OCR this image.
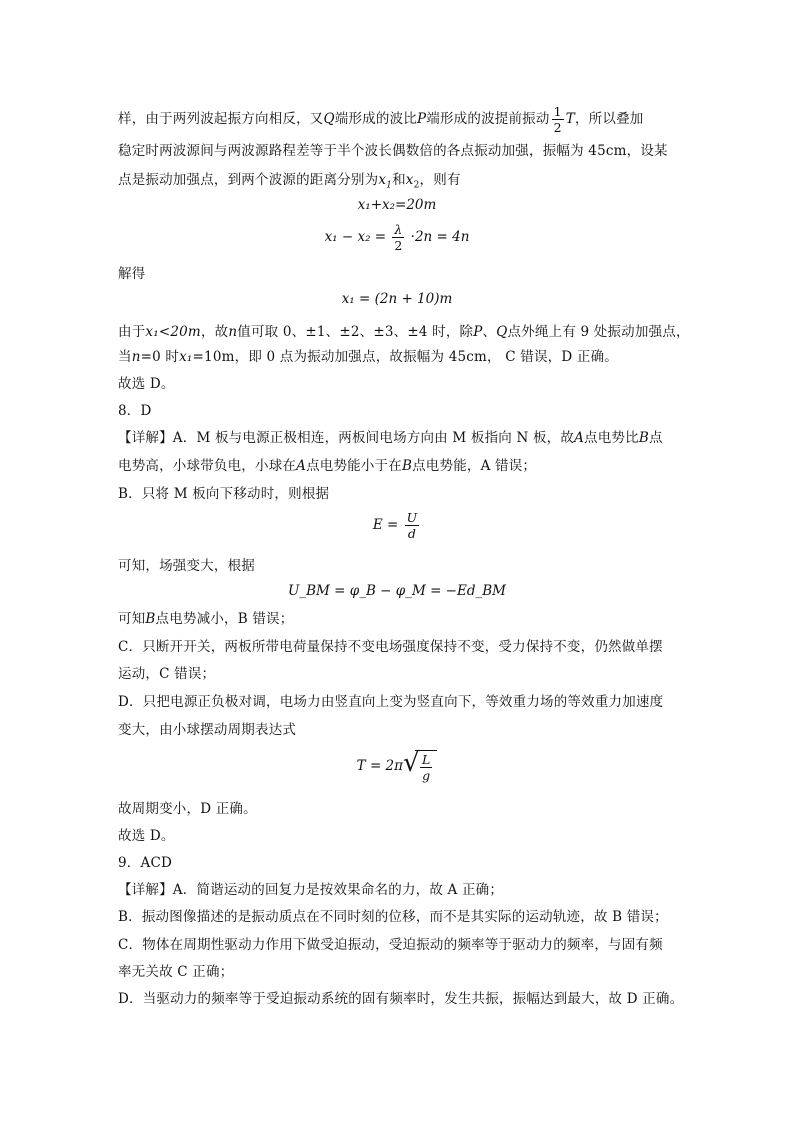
样，由于两列波起振方向相反，又Q端形成的波比P端形成的波提前振动 $\frac{1}{2}$ T，所以叠加
稳定时两波源间与两波源路程差等于半个波长偶数倍的各点振动加强，振幅为 45cm，设某
点是振动加强点，到两个波源的距离分别为$x_1$和$x_2$，则有
x₁+x₂=20m
$x_1 - x_2 = \frac{\lambda}{2} \cdot 2n = 4n$
解得
x₁ = (2n + 10)m
由于x₁<20m，故n值可取 0、±1、±2、±3、±4 时，除P、Q点外绳上有 9 处振动加强点，
当n=0 时x₁=10m，即 0 点为振动加强点，故振幅为 45cm， C 错误，D 正确。
故选 D。
8．D
【详解】A．M 板与电源正极相连，两板间电场方向由 M 板指向 N 板，故A点电势比B点
电势高，小球带负电，小球在A点电势能小于在B点电势能，A 错误；
B．只将 M 板向下移动时，则根据
$E = \frac{U}{d}$
可知，场强变大，根据
U_BM = φ_B − φ_M = −Ed_BM
可知B点电势减小，B 错误；
C．只断开开关，两板所带电荷量保持不变电场强度保持不变，受力保持不变，仍然做单摆
运动，C 错误；
D．只把电源正负极对调，电场力由竖直向上变为竖直向下，等效重力场的等效重力加速度
变大，由小球摆动周期表达式
T = 2π √ $\frac{L}{g}$
故周期变小，D 正确。
故选 D。
9．ACD
【详解】A．简谐运动的回复力是按效果命名的力，故 A 正确；
B．振动图像描述的是振动质点在不同时刻的位移，而不是其实际的运动轨迹，故 B 错误；
C．物体在周期性驱动力作用下做受迫振动，受迫振动的频率等于驱动力的频率，与固有频
率无关故 C 正确；
D．当驱动力的频率等于受迫振动系统的固有频率时，发生共振，振幅达到最大，故 D 正确。
